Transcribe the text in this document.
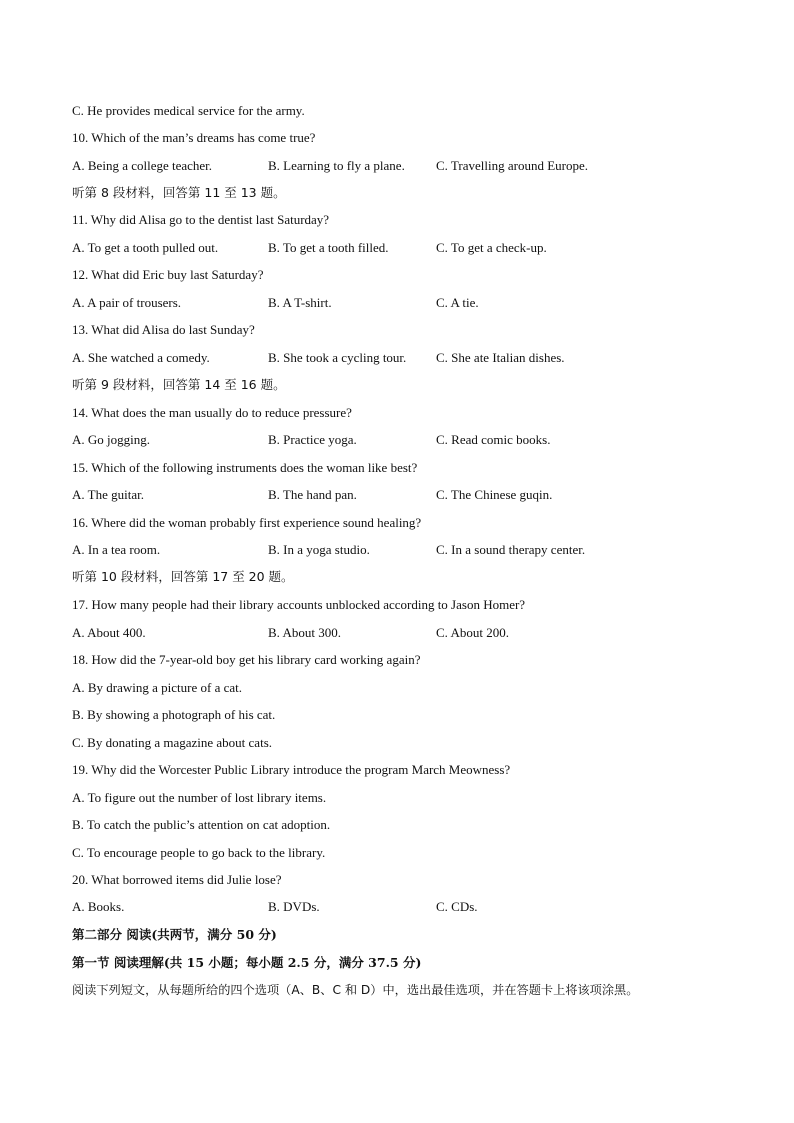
C. He provides medical service for the army.
10. Which of the man’s dreams has come true?
A. Being a college teacher.	B. Learning to fly a plane. C. Travelling around Europe.
听第 8 段材料，回答第 11 至 13 题。
11. Why did Alisa go to the dentist last Saturday?
A. To get a tooth pulled out.	B. To get a tooth filled.	C. To get a check-up.
12. What did Eric buy last Saturday?
A. A pair of trousers.	B. A T-shirt.	C. A tie.
13. What did Alisa do last Sunday?
A. She watched a comedy.	B. She took a cycling tour. C. She ate Italian dishes.
听第 9 段材料，回答第 14 至 16 题。
14. What does the man usually do to reduce pressure?
A. Go jogging.	B. Practice yoga.	C. Read comic books.
15. Which of the following instruments does the woman like best?
A. The guitar.	B. The hand pan.	C. The Chinese guqin.
16. Where did the woman probably first experience sound healing?
A. In a tea room.	B. In a yoga studio.	C. In a sound therapy center.
听第 10 段材料，回答第 17 至 20 题。
17. How many people had their library accounts unblocked according to Jason Homer?
A. About 400.	B. About 300.	C. About 200.
18. How did the 7-year-old boy get his library card working again?
A. By drawing a picture of a cat.
B. By showing a photograph of his cat.
C. By donating a magazine about cats.
19. Why did the Worcester Public Library introduce the program March Meowness?
A. To figure out the number of lost library items.
B. To catch the public’s attention on cat adoption.
C. To encourage people to go back to the library.
20. What borrowed items did Julie lose?
A. Books.	B. DVDs.	C. CDs.
第二部分 阅读(共两节，满分 50 分)
第一节 阅读理解(共 15 小题；每小题 2.5 分，满分 37.5 分)
阅读下列短文，从每题所给的四个选项（A、B、C 和 D）中，选出最佳选项，并在答题卡上将该项涂黑。
